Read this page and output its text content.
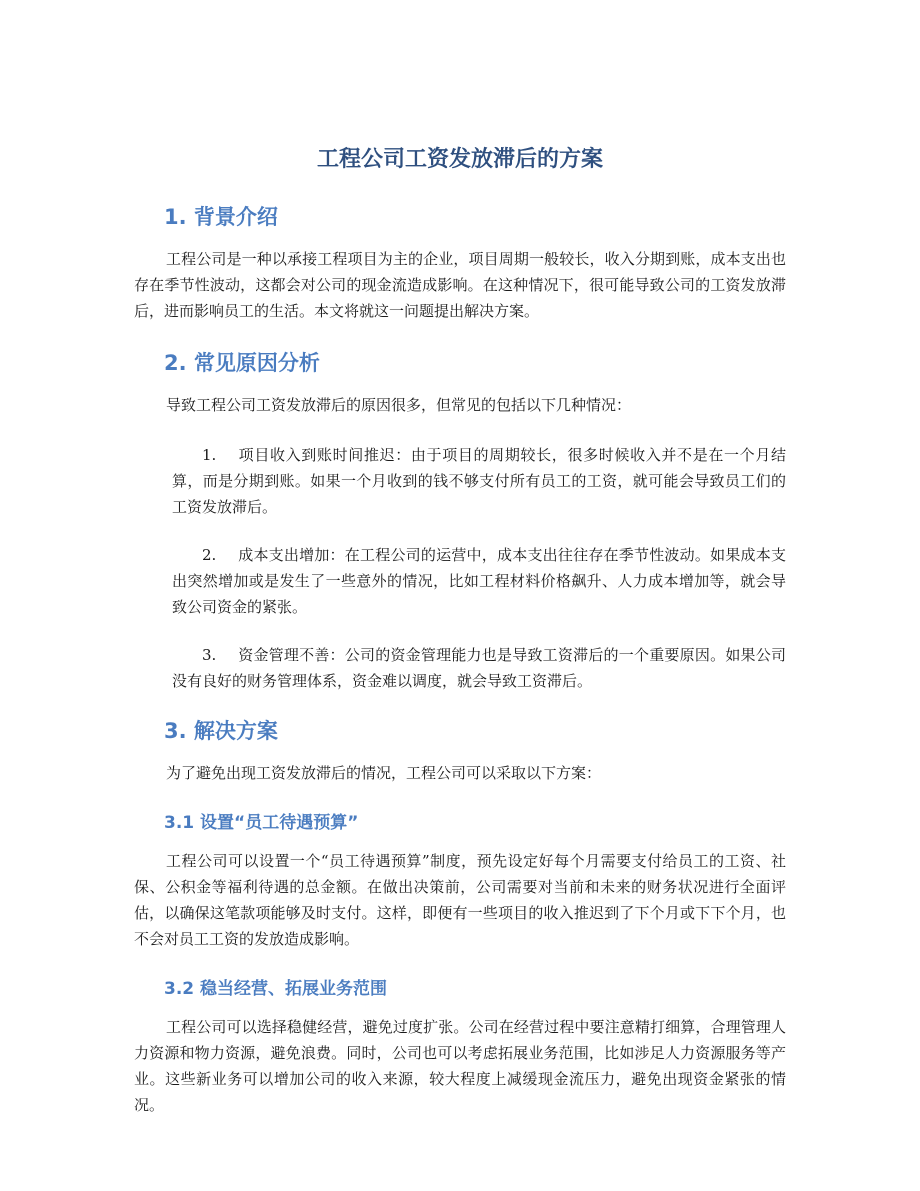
工程公司工资发放滞后的方案
1. 背景介绍

工程公司是一种以承接工程项目为主的企业，项目周期一般较长，收入分期到账，成本支出也存在季节性波动，这都会对公司的现金流造成影响。在这种情况下，很可能导致公司的工资发放滞后，进而影响员工的生活。本文将就这一问题提出解决方案。

2. 常见原因分析

导致工程公司工资发放滞后的原因很多，但常见的包括以下几种情况：

1. 项目收入到账时间推迟：由于项目的周期较长，很多时候收入并不是在一个月结算，而是分期到账。如果一个月收到的钱不够支付所有员工的工资，就可能会导致员工们的工资发放滞后。
2. 成本支出增加：在工程公司的运营中，成本支出往往存在季节性波动。如果成本支出突然增加或是发生了一些意外的情况，比如工程材料价格飙升、人力成本增加等，就会导致公司资金的紧张。
3. 资金管理不善：公司的资金管理能力也是导致工资滞后的一个重要原因。如果公司没有良好的财务管理体系，资金难以调度，就会导致工资滞后。
3. 解决方案

为了避免出现工资发放滞后的情况，工程公司可以采取以下方案：

3.1 设置“员工待遇预算”

工程公司可以设置一个“员工待遇预算”制度，预先设定好每个月需要支付给员工的工资、社保、公积金等福利待遇的总金额。在做出决策前，公司需要对当前和未来的财务状况进行全面评估，以确保这笔款项能够及时支付。这样，即便有一些项目的收入推迟到了下个月或下下个月，也不会对员工工资的发放造成影响。

3.2 稳当经营、拓展业务范围

工程公司可以选择稳健经营，避免过度扩张。公司在经营过程中要注意精打细算，合理管理人力资源和物力资源，避免浪费。同时，公司也可以考虑拓展业务范围，比如涉足人力资源服务等产业。这些新业务可以增加公司的收入来源，较大程度上减缓现金流压力，避免出现资金紧张的情况。
